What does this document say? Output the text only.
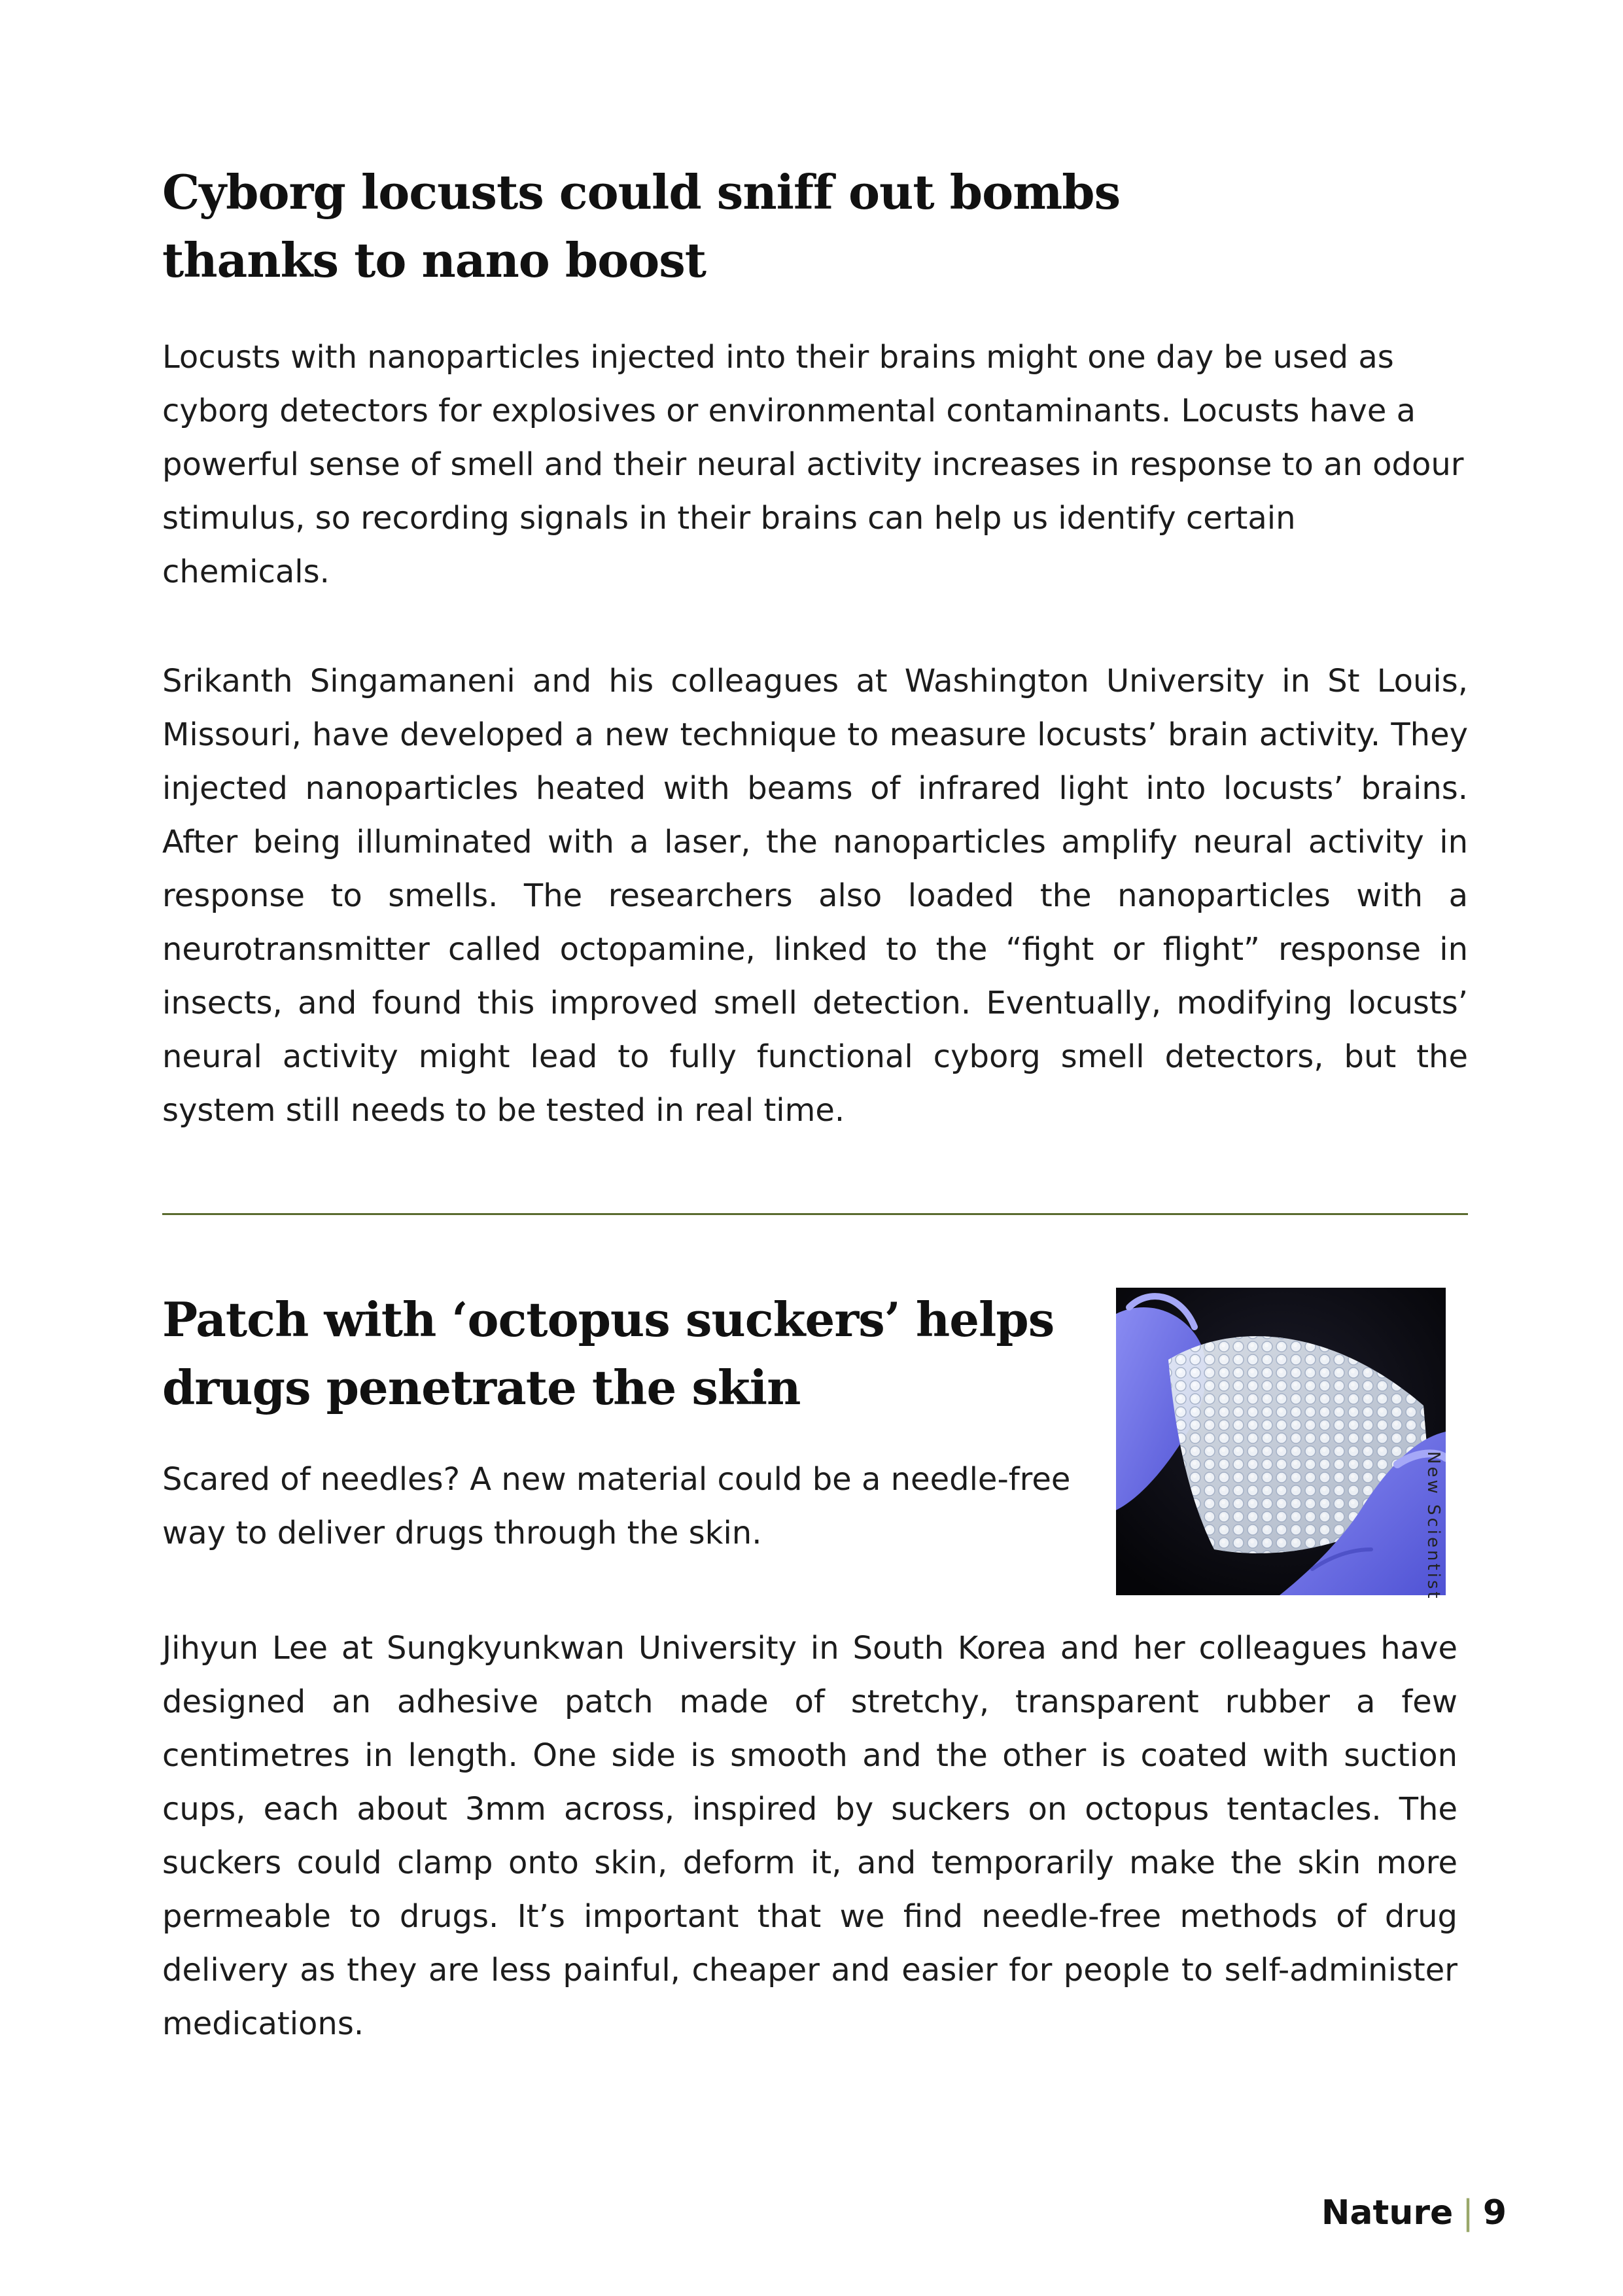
Cyborg locusts could sniff out bombs thanks to nano boost

Locusts with nanoparticles injected into their brains might one day be used as cyborg detectors for explosives or environmental contaminants. Locusts have a powerful sense of smell and their neural activity increases in response to an odour stimulus, so recording signals in their brains can help us identify certain chemicals.

Srikanth Singamaneni and his colleagues at Washington University in St Louis, Missouri, have developed a new technique to measure locusts’ brain activity. They injected nanoparticles heated with beams of infrared light into locusts’ brains. After being illuminated with a laser, the nanoparticles amplify neural activity in response to smells. The researchers also loaded the nanoparticles with a neurotransmitter called octopamine, linked to the “fight or flight” response in insects, and found this improved smell detection. Eventually, modifying locusts’ neural activity might lead to fully functional cyborg smell detectors, but the system still needs to be tested in real time.

Patch with ‘octopus suckers’ helps drugs penetrate the skin

Scared of needles? A new material could be a needle-free way to deliver drugs through the skin.	New Scientist

Jihyun Lee at Sungkyunkwan University in South Korea and her colleagues have designed an adhesive patch made of stretchy, transparent rubber a few centimetres in length. One side is smooth and the other is coated with suction cups, each about 3mm across, inspired by suckers on octopus tentacles. The suckers could clamp onto skin, deform it, and temporarily make the skin more permeable to drugs. It’s important that we find needle-free methods of drug delivery as they are less painful, cheaper and easier for people to self-administer medications.

Nature | 9
